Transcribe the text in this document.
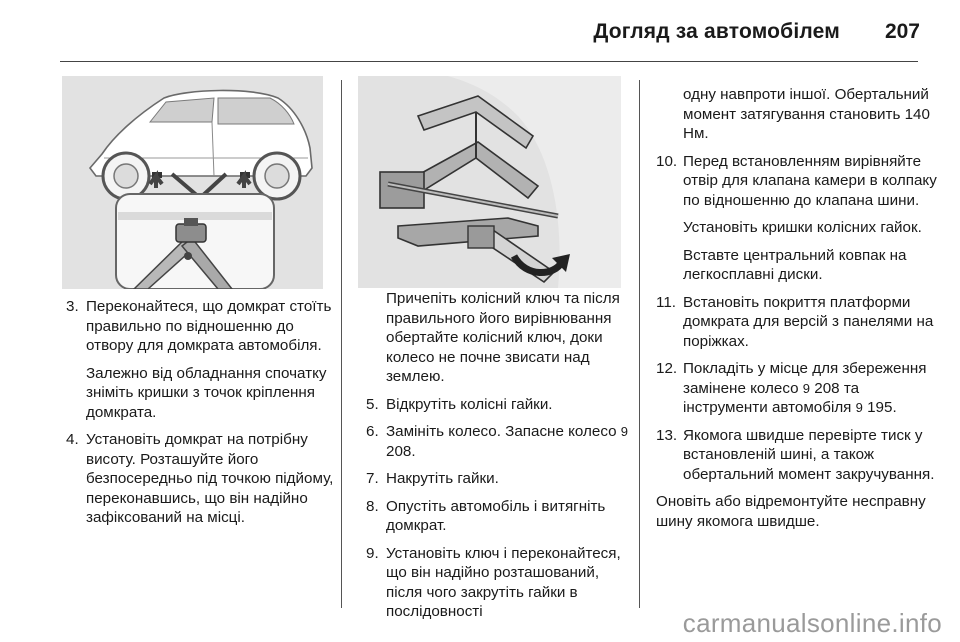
Догляд за автомобілем 207
3. Переконайтеся, що домкрат стоїть правильно по відношенню до отвору для домкрата автомобіля.
Залежно від обладнання спочатку зніміть кришки з точок кріплення домкрата.
4. Установіть домкрат на потрібну висоту. Розташуйте його безпосередньо під точкою підйому, переконавшись, що він надійно зафіксований на місці.
Причепіть колісний ключ та після правильного його вирівнювання обертайте колісний ключ, доки колесо не почне звисати над землею.
5. Відкрутіть колісні гайки.
6. Замініть колесо. Запасне колесо 9 208.
7. Накрутіть гайки.
8. Опустіть автомобіль і витягніть домкрат.
9. Установіть ключ і переконайтеся, що він надійно розташований, після чого закрутіть гайки в послідовності
одну навпроти іншої. Обертальний момент затягування становить 140 Нм.
10. Перед встановленням вирівняйте отвір для клапана камери в колпаку по відношенню до клапана шини.
Установіть кришки колісних гайок.
Вставте центральний ковпак на легкосплавні диски.
11. Встановіть покриття платформи домкрата для версій з панелями на поріжках.
12. Покладіть у місце для збереження замінене колесо 9 208 та інструменти автомобіля 9 195.
13. Якомога швидше перевірте тиск у встановленій шині, а також обертальний момент закручування.
Оновіть або відремонтуйте несправну шину якомога швидше.
carmanualsonline.info
